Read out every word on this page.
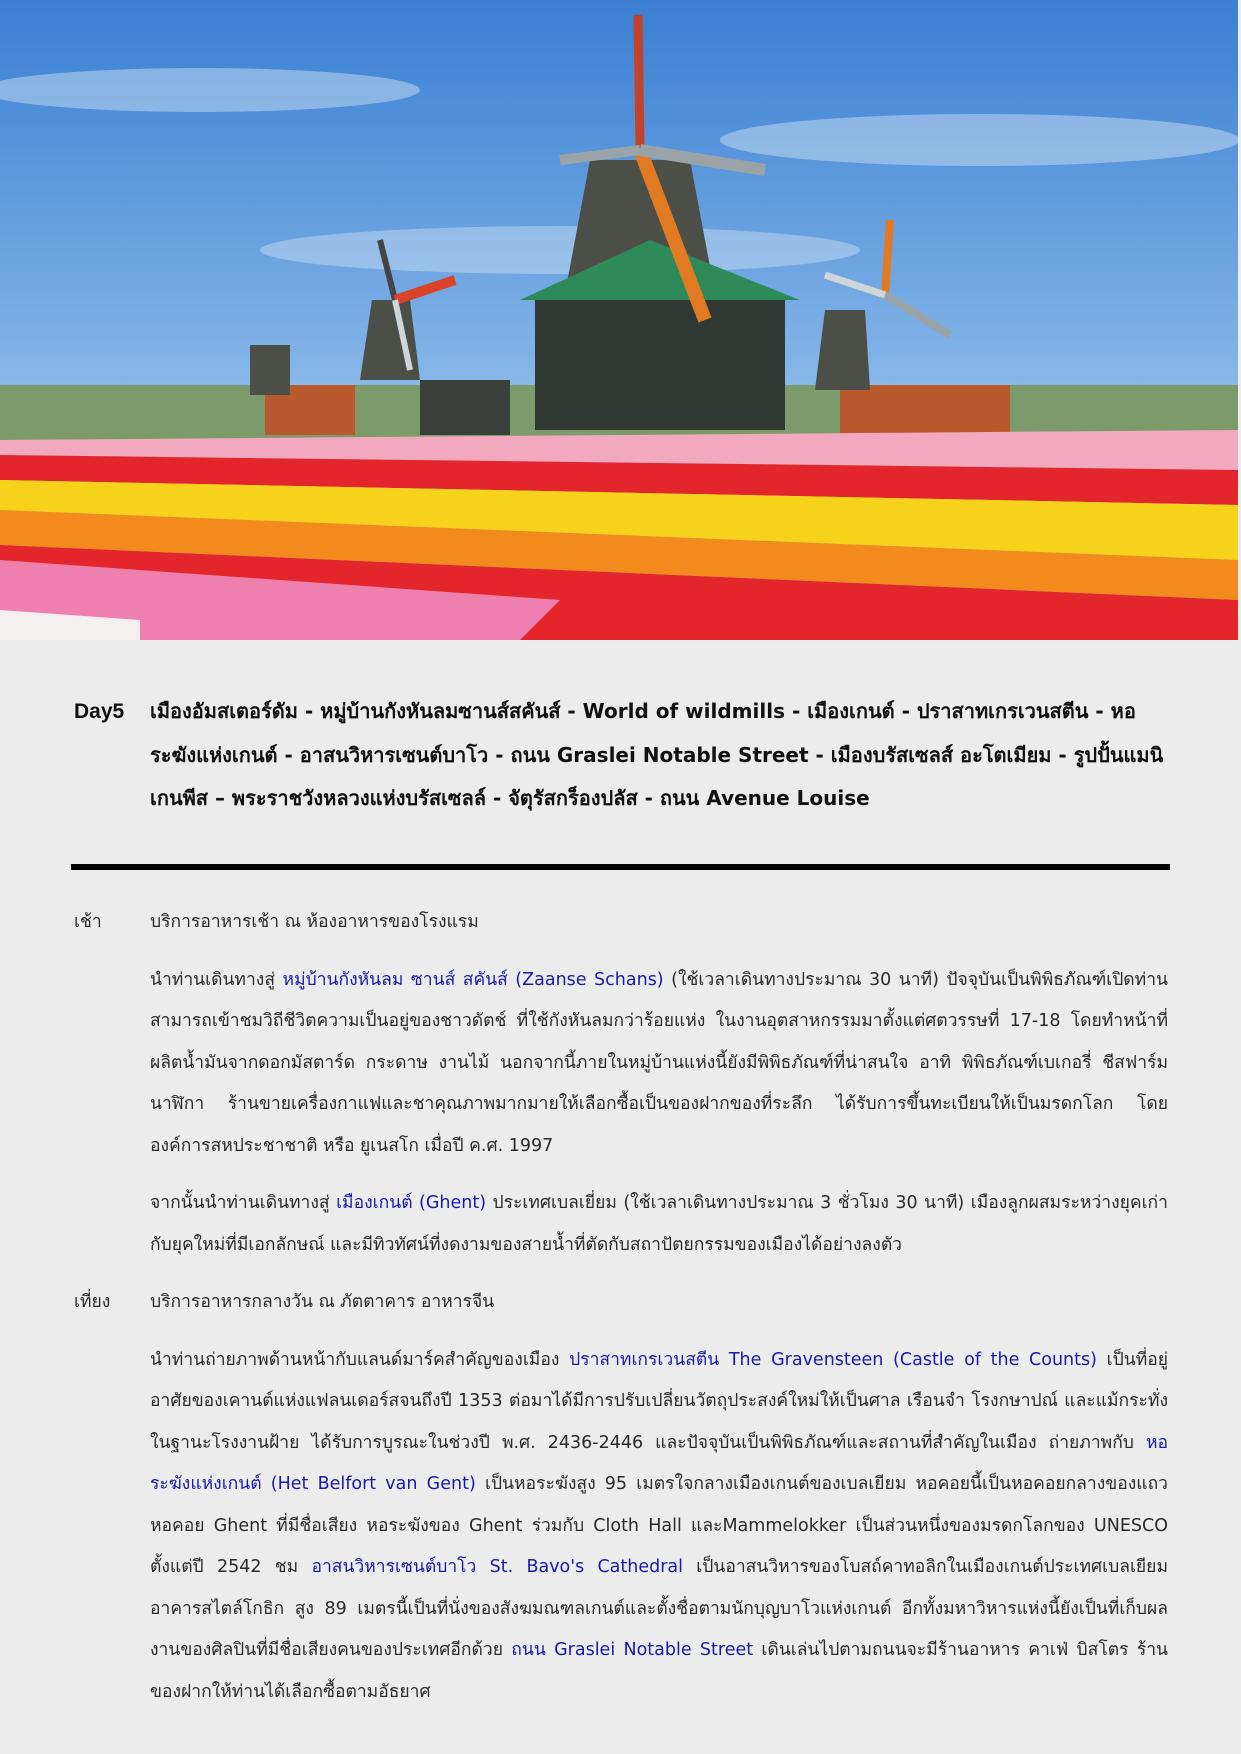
Day5	เมืองอัมสเตอร์ดัม - หมู่บ้านกังหันลมซานส์สคันส์ - World of wildmills - เมืองเกนต์ - ปราสาทเกรเวนสตีน - หอระฆังแห่งเกนต์ - อาสนวิหารเซนต์บาโว - ถนน Graslei Notable Street - เมืองบรัสเซลส์ อะโตเมียม - รูปปั้นแมนิเกนพีส – พระราชวังหลวงแห่งบรัสเซลล์ - จัตุรัสกร็องปลัส - ถนน Avenue Louise
เช้า	บริการอาหารเช้า ณ ห้องอาหารของโรงแรม

นำท่านเดินทางสู่ หมู่บ้านกังหันลม ซานส์ สคันส์ (Zaanse Schans) (ใช้เวลาเดินทางประมาณ 30 นาที) ปัจจุบันเป็นพิพิธภัณฑ์เปิดท่านสามารถเข้าชมวิถีชีวิตความเป็นอยู่ของชาวดัตช์ ที่ใช้กังหันลมกว่าร้อยแห่ง ในงานอุตสาหกรรมมาตั้งแต่ศตวรรษที่ 17-18 โดยทำหน้าที่ผลิตน้ำมันจากดอกมัสตาร์ด กระดาษ งานไม้ นอกจากนี้ภายในหมู่บ้านแห่งนี้ยังมีพิพิธภัณฑ์ที่น่าสนใจ อาทิ พิพิธภัณฑ์เบเกอรี่ ชีสฟาร์ม นาฬิกา ร้านขายเครื่องกาแฟและชาคุณภาพมากมายให้เลือกซื้อเป็นของฝากของที่ระลึก ได้รับการขึ้นทะเบียนให้เป็นมรดกโลก โดยองค์การสหประชาชาติ หรือ ยูเนสโก เมื่อปี ค.ศ. 1997

จากนั้นนำท่านเดินทางสู่ เมืองเกนต์ (Ghent) ประเทศเบลเยี่ยม (ใช้เวลาเดินทางประมาณ 3 ชั่วโมง 30 นาที) เมืองลูกผสมระหว่างยุคเก่ากับยุคใหม่ที่มีเอกลักษณ์ และมีทิวทัศน์ที่งดงามของสายน้ำที่ตัดกับสถาปัตยกรรมของเมืองได้อย่างลงตัว

เที่ยง	บริการอาหารกลางวัน ณ ภัตตาคาร อาหารจีน

นำท่านถ่ายภาพด้านหน้ากับแลนด์มาร์คสำคัญของเมือง ปราสาทเกรเวนสตีน The Gravensteen (Castle of the Counts) เป็นที่อยู่อาศัยของเคานต์แห่งแฟลนเดอร์สจนถึงปี 1353 ต่อมาได้มีการปรับเปลี่ยนวัตถุประสงค์ใหม่ให้เป็นศาล เรือนจำ โรงกษาปณ์ และแม้กระทั่งในฐานะโรงงานฝ้าย ได้รับการบูรณะในช่วงปี พ.ศ. 2436-2446 และปัจจุบันเป็นพิพิธภัณฑ์และสถานที่สำคัญในเมือง ถ่ายภาพกับ หอระฆังแห่งเกนต์ (Het Belfort van Gent) เป็นหอระฆังสูง 95 เมตรใจกลางเมืองเกนต์ของเบลเยียม หอคอยนี้เป็นหอคอยกลางของแถวหอคอย Ghent ที่มีชื่อเสียง หอระฆังของ Ghent ร่วมกับ Cloth Hall และMammelokker เป็นส่วนหนึ่งของมรดกโลกของ UNESCO ตั้งแต่ปี 2542 ชม อาสนวิหารเซนต์บาโว St. Bavo's Cathedral เป็นอาสนวิหารของโบสถ์คาทอลิกในเมืองเกนต์ประเทศเบลเยียม อาคารสไตล์โกธิก สูง 89 เมตรนี้เป็นที่นั่งของสังฆมณฑลเกนต์และตั้งชื่อตามนักบุญบาโวแห่งเกนต์ อีกทั้งมหาวิหารแห่งนี้ยังเป็นที่เก็บผลงานของศิลปินที่มีชื่อเสียงคนของประเทศอีกด้วย ถนน Graslei Notable Street เดินเล่นไปตามถนนจะมีร้านอาหาร คาเฟ่ บิสโตร ร้านของฝากให้ท่านได้เลือกซื้อตามอัธยาศ
